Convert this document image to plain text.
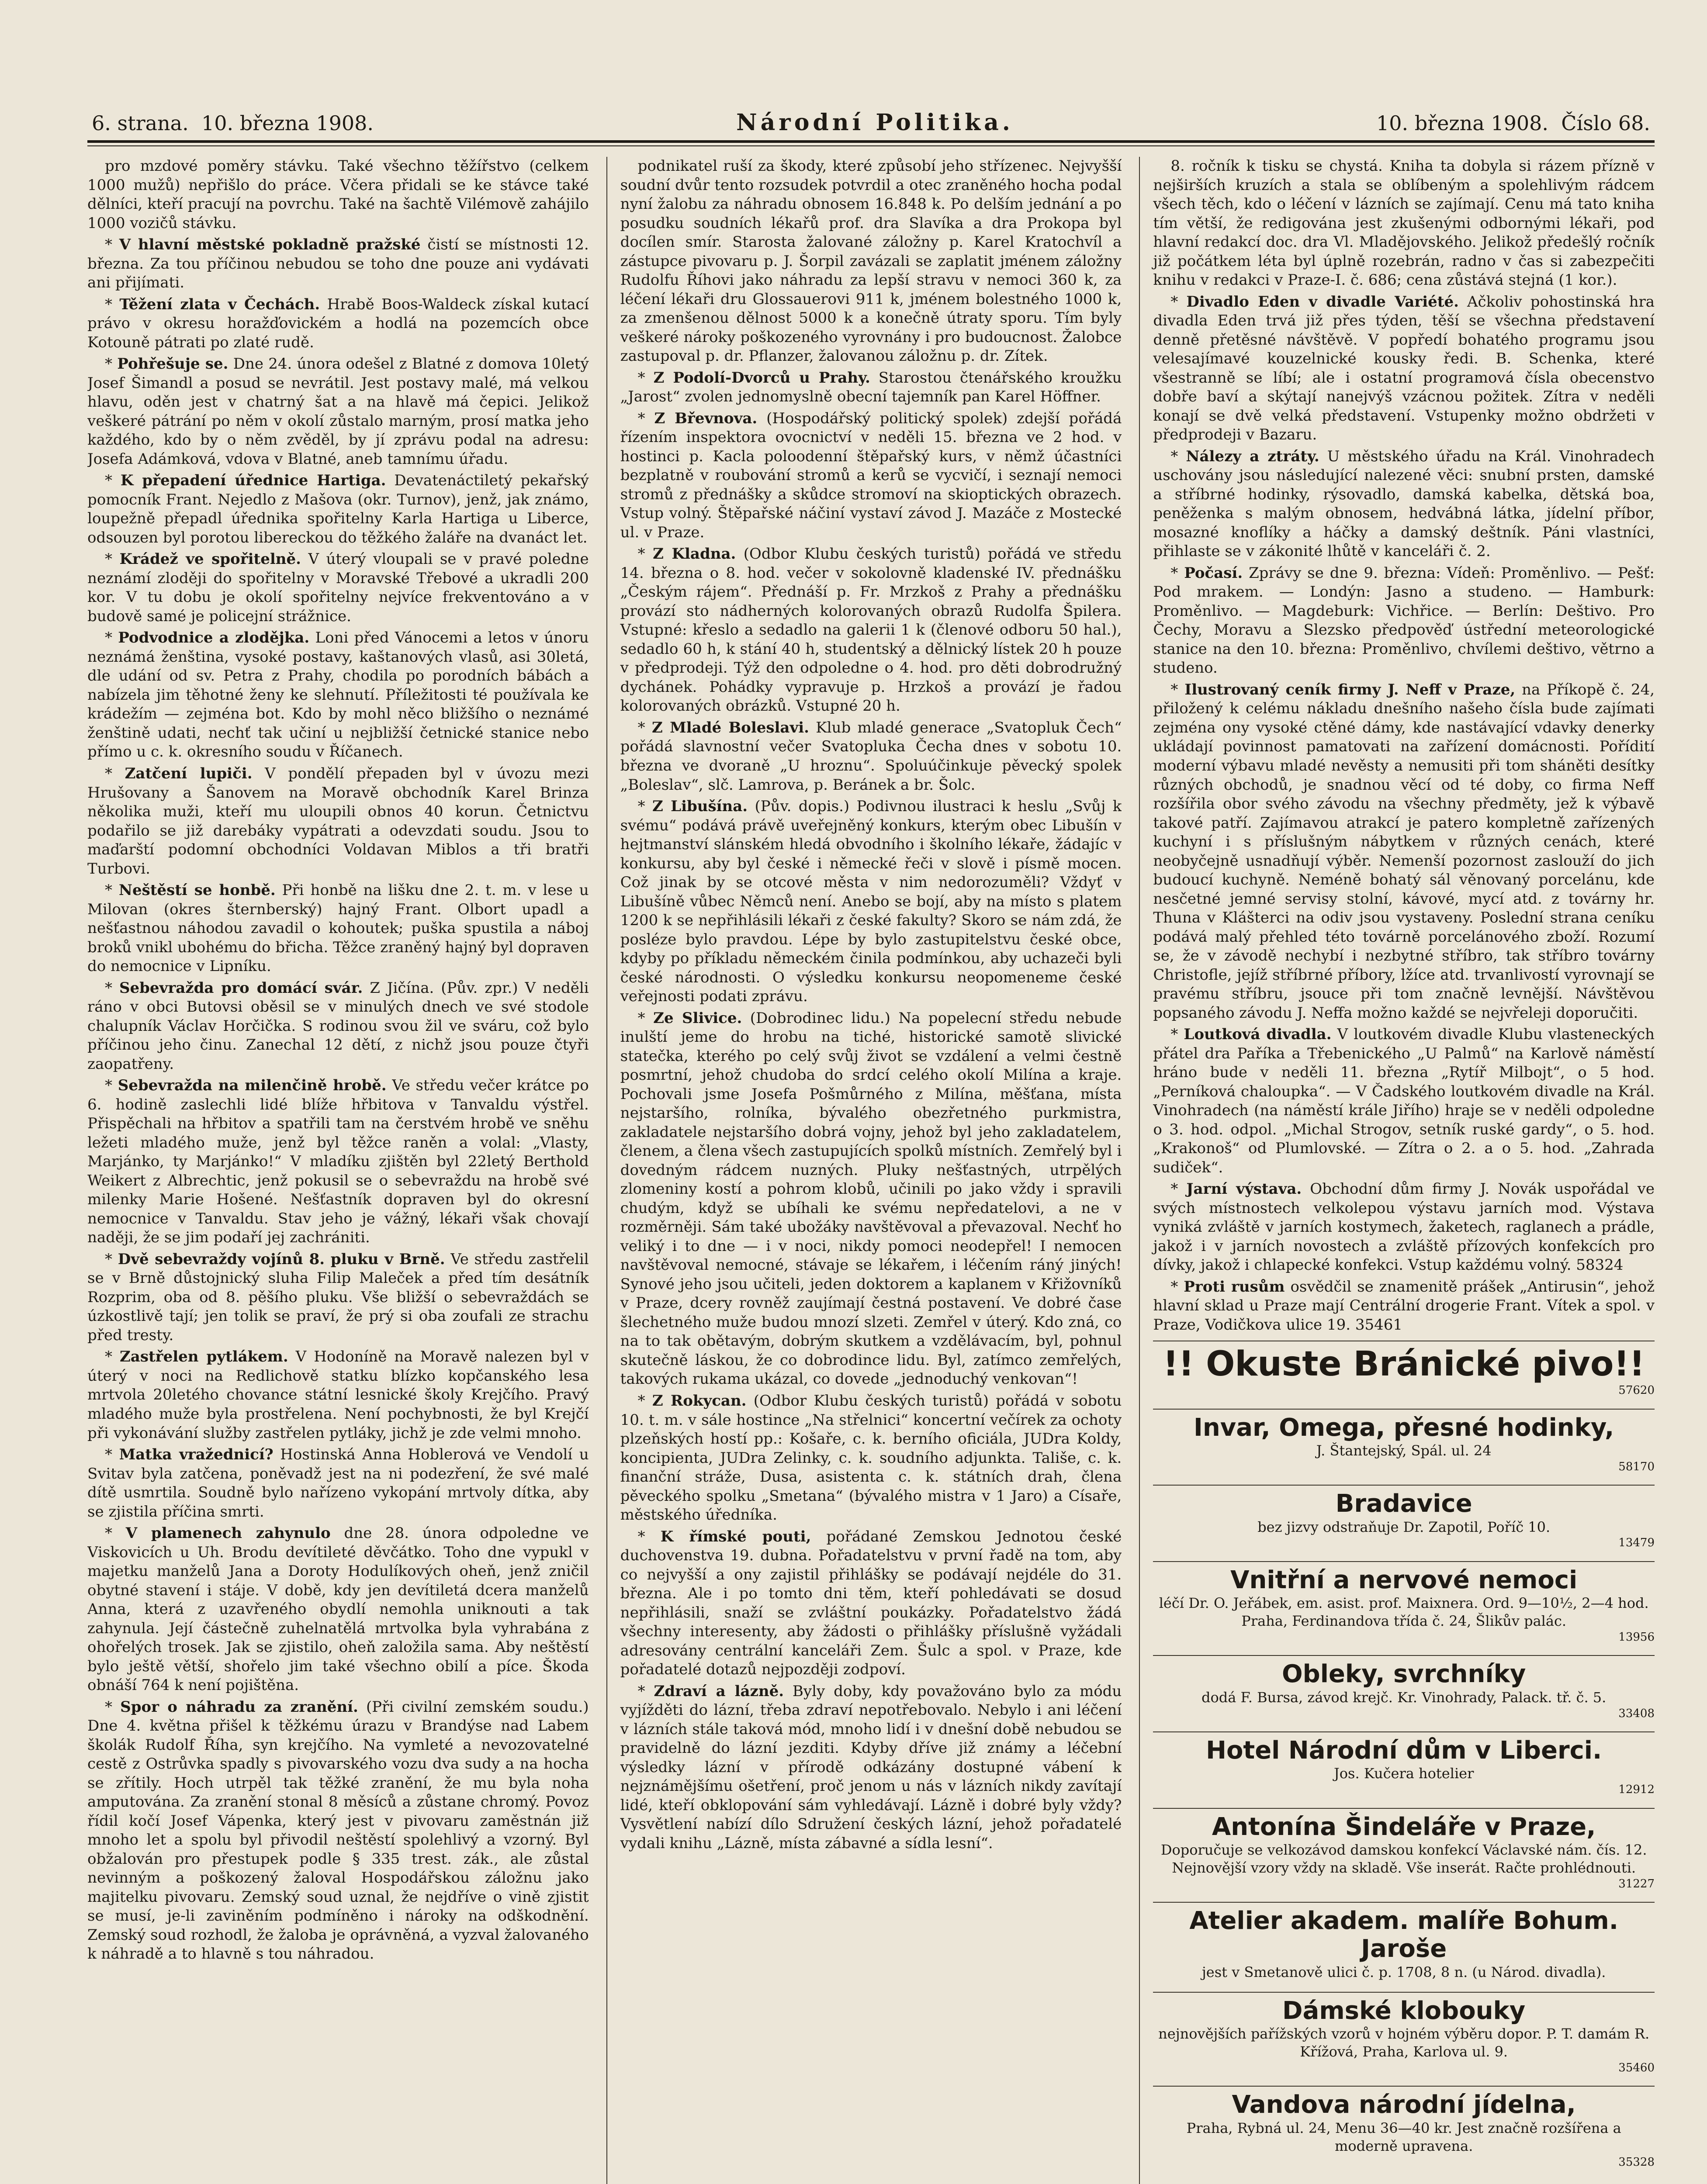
6. strana. 10. března 1908.	Národní Politika.	10. března 1908. Číslo 68.

pro mzdové poměry stávku. Také všechno těžířstvo (celkem 1000 mužů) nepřišlo do práce. Včera přidali se ke stávce také dělníci, kteří pracují na povrchu. Také na šachtě Vilémově zahájilo 1000 vozičů stávku.

* V hlavní městské pokladně pražské čistí se místnosti 12. března. Za tou příčinou nebudou se toho dne pouze ani vydávati ani přijímati.

* Těžení zlata v Čechách. Hrabě Boos-Waldeck získal kutací právo v okresu horažďovickém a hodlá na pozemcích obce Kotouně pátrati po zlaté rudě.

* Pohřešuje se. Dne 24. února odešel z Blatné z domova 10letý Josef Šimandl a posud se nevrátil. Jest postavy malé, má velkou hlavu, oděn jest v chatrný šat a na hlavě má čepici. Jelikož veškeré pátrání po něm v okolí zůstalo marným, prosí matka jeho každého, kdo by o něm zvěděl, by jí zprávu podal na adresu: Josefa Adámková, vdova v Blatné, aneb tamnímu úřadu.

* K přepadení úřednice Hartiga. Devatenáctiletý pekařský pomocník Frant. Nejedlo z Mašova (okr. Turnov), jenž, jak známo, loupežně přepadl úřednika spořitelny Karla Hartiga u Liberce, odsouzen byl porotou libereckou do těžkého žaláře na dvanáct let.

* Krádež ve spořitelně. V úterý vloupali se v pravé poledne neznámí zloději do spořitelny v Moravské Třebové a ukradli 200 kor. V tu dobu je okolí spořitelny nejvíce frekventováno a v budově samé je policejní strážnice.

* Podvodnice a zlodějka. Loni před Vánocemi a letos v únoru neznámá ženština, vysoké postavy, kaštanových vlasů, asi 30letá, dle udání od sv. Petra z Prahy, chodila po porodních bábách a nabízela jim těhotné ženy ke slehnutí. Příležitosti té používala ke krádežím — zejména bot. Kdo by mohl něco bližšího o neznámé ženštině udati, nechť tak učiní u nejbližší četnické stanice nebo přímo u c. k. okresního soudu v Říčanech.

* Zatčení lupiči. V pondělí přepaden byl v úvozu mezi Hrušovany a Šanovem na Moravě obchodník Karel Brinza několika muži, kteří mu uloupili obnos 40 korun. Četnictvu podařilo se již darebáky vypátrati a odevzdati soudu. Jsou to maďarští podomní obchodníci Voldavan Miblos a tři bratři Turbovi.

* Neštěstí se honbě. Při honbě na lišku dne 2. t. m. v lese u Milovan (okres šternberský) hajný Frant. Olbort upadl a nešťastnou náhodou zavadil o kohoutek; puška spustila a náboj broků vnikl ubohému do břicha. Těžce zraněný hajný byl dopraven do nemocnice v Lipníku.

* Sebevražda pro domácí svár. Z Jičína. (Pův. zpr.) V neděli ráno v obci Butovsi oběsil se v minulých dnech ve své stodole chalupník Václav Horčička. S rodinou svou žil ve sváru, což bylo příčinou jeho činu. Zanechal 12 dětí, z nichž jsou pouze čtyři zaopatřeny.

* Sebevražda na milenčině hrobě. Ve středu večer krátce po 6. hodině zaslechli lidé blíže hřbitova v Tanvaldu výstřel. Přispěchali na hřbitov a spatřili tam na čerstvém hrobě ve sněhu ležeti mladého muže, jenž byl těžce raněn a volal: „Vlasty, Marjánko, ty Marjánko!“ V mladíku zjištěn byl 22letý Berthold Weikert z Albrechtic, jenž pokusil se o sebevraždu na hrobě své milenky Marie Hošené. Nešťastník dopraven byl do okresní nemocnice v Tanvaldu. Stav jeho je vážný, lékaři však chovají naději, že se jim podaří jej zachrániti.

* Dvě sebevraždy vojínů 8. pluku v Brně. Ve středu zastřelil se v Brně důstojnický sluha Filip Maleček a před tím desátník Rozprim, oba od 8. pěšího pluku. Vše bližší o sebevraždách se úzkostlivě tají; jen tolik se praví, že prý si oba zoufali ze strachu před tresty.

* Zastřelen pytlákem. V Hodoníně na Moravě nalezen byl v úterý v noci na Redlichově statku blízko kopčanského lesa mrtvola 20letého chovance státní lesnické školy Krejčího. Pravý mladého muže byla prostřelena. Není pochybnosti, že byl Krejčí při vykonávání služby zastřelen pytláky, jichž je zde velmi mnoho.

* Matka vražednicí? Hostinská Anna Hoblerová ve Vendolí u Svitav byla zatčena, poněvadž jest na ni podezření, že své malé dítě usmrtila. Soudně bylo nařízeno vykopání mrtvoly dítka, aby se zjistila příčina smrti.

* V plamenech zahynulo dne 28. února odpoledne ve Viskovicích u Uh. Brodu devítileté děvčátko. Toho dne vypukl v majetku manželů Jana a Doroty Hodulíkových oheň, jenž zničil obytné stavení i stáje. V době, kdy jen devítiletá dcera manželů Anna, která z uzavřeného obydlí nemohla uniknouti a tak zahynula. Její částečně zuhelnatělá mrtvolka byla vyhrabána z ohořelých trosek. Jak se zjistilo, oheň založila sama. Aby neštěstí bylo ještě větší, shořelo jim také všechno obilí a píce. Škoda obnáší 764 k není pojištěna.

* Spor o náhradu za zranění. (Při civilní zemském soudu.) Dne 4. května přišel k těžkému úrazu v Brandýse nad Labem školák Rudolf Říha, syn krejčího. Na vymleté a nevozovatelné cestě z Ostrůvka spadly s pivovarského vozu dva sudy a na hocha se zřítily. Hoch utrpěl tak těžké zranění, že mu byla noha amputována. Za zranění stonal 8 měsíců a zůstane chromý. Povoz řídil kočí Josef Vápenka, který jest v pivovaru zaměstnán již mnoho let a spolu byl přivodil neštěstí spolehlivý a vzorný. Byl obžalován pro přestupek podle § 335 trest. zák., ale zůstal nevinným a poškozený žaloval Hospodářskou záložnu jako majitelku pivovaru. Zemský soud uznal, že nejdříve o vině zjistit se musí, je-li zaviněním podmíněno i nároky na odškodnění. Zemský soud rozhodl, že žaloba je oprávněná, a vyzval žalovaného k náhradě a to hlavně s tou náhradou.

podnikatel ruší za škody, které způsobí jeho střízenec. Nejvyšší soudní dvůr tento rozsudek potvrdil a otec zraněného hocha podal nyní žalobu za náhradu obnosem 16.848 k. Po delším jednání a po posudku soudních lékařů prof. dra Slavíka a dra Prokopa byl docílen smír. Starosta žalované záložny p. Karel Kratochvíl a zástupce pivovaru p. J. Šorpil zavázali se zaplatit jménem záložny Rudolfu Říhovi jako náhradu za lepší stravu v nemoci 360 k, za léčení lékaři dru Glossauerovi 911 k, jménem bolestného 1000 k, za zmenšenou dělnost 5000 k a konečně útraty sporu. Tím byly veškeré nároky poškozeného vyrovnány i pro budoucnost. Žalobce zastupoval p. dr. Pflanzer, žalovanou záložnu p. dr. Zítek.

* Z Podolí-Dvorců u Prahy. Starostou čtenářského kroužku „Jarost“ zvolen jednomyslně obecní tajemník pan Karel Höffner.

* Z Břevnova. (Hospodářský politický spolek) zdejší pořádá řízením inspektora ovocnictví v neděli 15. března ve 2 hod. v hostinci p. Kacla poloodenní štěpařský kurs, v němž účastníci bezplatně v roubování stromů a kerů se vycvičí, i seznají nemoci stromů z přednášky a skůdce stromoví na skioptických obrazech. Vstup volný. Štěpařské náčiní vystaví závod J. Mazáče z Mostecké ul. v Praze.

* Z Kladna. (Odbor Klubu českých turistů) pořádá ve středu 14. března o 8. hod. večer v sokolovně kladenské IV. přednášku „Českým rájem“. Přednáší p. Fr. Mrzkoš z Prahy a přednášku provází sto nádherných kolorovaných obrazů Rudolfa Špilera. Vstupné: křeslo a sedadlo na galerii 1 k (členové odboru 50 hal.), sedadlo 60 h, k stání 40 h, studentský a dělnický lístek 20 h pouze v předprodeji. Týž den odpoledne o 4. hod. pro děti dobrodružný dychánek. Pohádky vypravuje p. Hrzkoš a provází je řadou kolorovaných obrázků. Vstupné 20 h.

* Z Mladé Boleslavi. Klub mladé generace „Svatopluk Čech“ pořádá slavnostní večer Svatopluka Čecha dnes v sobotu 10. března ve dvoraně „U hroznu“. Spoluúčinkuje pěvecký spolek „Boleslav“, slč. Lamrova, p. Beránek a br. Šolc.

* Z Libušína. (Pův. dopis.) Podivnou ilustraci k heslu „Svůj k svému“ podává právě uveřejněný konkurs, kterým obec Libušín v hejtmanství slánském hledá obvodního i školního lékaře, žádajíc v konkursu, aby byl české i německé řeči v slově i písmě mocen. Což jinak by se otcové města v nim nedorozuměli? Vždyť v Libušíně vůbec Němců není. Anebo se bojí, aby na místo s platem 1200 k se nepřihlásili lékaři z české fakulty? Skoro se nám zdá, že posléze bylo pravdou. Lépe by bylo zastupitelstvu české obce, kdyby po příkladu německém činila podmínkou, aby uchazeči byli české národnosti. O výsledku konkursu neopomeneme české veřejnosti podati zprávu.

* Ze Slivice. (Dobrodinec lidu.) Na popelecní středu nebude inulští jeme do hrobu na tiché, historické samotě slivické statečka, kterého po celý svůj život se vzdálení a velmi čestně posmrtní, jehož chudoba do srdcí celého okolí Milína a kraje. Pochovali jsme Josefa Pošmůrného z Milína, měšťana, místa nejstaršího, rolníka, bývalého obezřetného purkmistra, zakladatele nejstaršího dobrá vojny, jehož byl jeho zakladatelem, členem, a člena všech zastupujících spolků místních. Zemřelý byl i dovedným rádcem nuzných. Pluky nešťastných, utrpělých zlomeniny kostí a pohrom klobů, učinili po jako vždy i spravili chudým, když se ubíhali ke svému nepředatelovi, a ne v rozměrněji. Sám také ubožáky navštěvoval a převazoval. Nechť ho veliký i to dne — i v noci, nikdy pomoci neodepřel! I nemocen navštěvoval nemocné, stávaje se lékařem, i léčením ráný jiných! Synové jeho jsou učiteli, jeden doktorem a kaplanem v Křižovníků v Praze, dcery rovněž zaujímají čestná postavení. Ve dobré čase šlechetného muže budou mnozí slzeti. Zemřel v úterý. Kdo zná, co na to tak obětavým, dobrým skutkem a vzdělávacím, byl, pohnul skutečně láskou, že co dobrodince lidu. Byl, zatímco zemřelých, takových rukama ukázal, co dovede „jednoduchý venkovan“!

* Z Rokycan. (Odbor Klubu českých turistů) pořádá v sobotu 10. t. m. v sále hostince „Na střelnici“ koncertní večírek za ochoty plzeňských hostí pp.: Košaře, c. k. berního oficiála, JUDra Koldy, koncipienta, JUDra Zelinky, c. k. soudního adjunkta. Tališe, c. k. finanční stráže, Dusa, asistenta c. k. státních drah, člena pěveckého spolku „Smetana“ (bývalého mistra v 1 Jaro) a Císaře, městského úředníka.

* K římské pouti, pořádané Zemskou Jednotou české duchovenstva 19. dubna. Pořadatelstvu v první řadě na tom, aby co nejvyšší a ony zajistil přihlášky se podávají nejdéle do 31. března. Ale i po tomto dni těm, kteří pohledávati se dosud nepřihlásili, snaží se zvláštní poukázky. Pořadatelstvo žádá všechny interesenty, aby žádosti o přihlášky příslušně vyžádali adresovány centrální kanceláři Zem. Šulc a spol. v Praze, kde pořadatelé dotazů nejpozději zodpoví.

* Zdraví a lázně. Byly doby, kdy považováno bylo za módu vyjížděti do lázní, třeba zdraví nepotřebovalo. Nebylo i ani léčení v lázních stále taková mód, mnoho lidí i v dnešní době nebudou se pravidelně do lázní jezditi. Kdyby dříve již známy a léčební výsledky lázní v přírodě odkázány dostupné vábení k nejznámějšímu ošetření, proč jenom u nás v lázních nikdy zavítají lidé, kteří obklopování sám vyhledávají. Lázně i dobré byly vždy? Vysvětlení nabízí dílo Sdružení českých lázní, jehož pořadatelé vydali knihu „Lázně, místa zábavné a sídla lesní“.

8. ročník k tisku se chystá. Kniha ta dobyla si rázem přízně v nejširších kruzích a stala se oblíbeným a spolehlivým rádcem všech těch, kdo o léčení v lázních se zajímají. Cenu má tato kniha tím větší, že redigována jest zkušenými odbornými lékaři, pod hlavní redakcí doc. dra Vl. Mladějovského. Jelikož předešlý ročník již počátkem léta byl úplně rozebrán, radno v čas si zabezpečiti knihu v redakci v Praze-I. č. 686; cena zůstává stejná (1 kor.).

* Divadlo Eden v divadle Variété. Ačkoliv pohostinská hra divadla Eden trvá již přes týden, těší se všechna představení denně přetěsné návštěvě. V popředí bohatého programu jsou velesajímavé kouzelnické kousky ředi. B. Schenka, které všestranně se líbí; ale i ostatní programová čísla obecenstvo dobře baví a skýtají nanejvýš vzácnou požitek. Zítra v neděli konají se dvě velká představení. Vstupenky možno obdržeti v předprodeji v Bazaru.

* Nálezy a ztráty. U městského úřadu na Král. Vinohradech uschovány jsou následující nalezené věci: snubní prsten, damské a stříbrné hodinky, rýsovadlo, damská kabelka, dětská boa, peněženka s malým obnosem, hedvábná látka, jídelní příbor, mosazné knoflíky a háčky a damský deštník. Páni vlastníci, přihlaste se v zákonité lhůtě v kanceláři č. 2.

* Počasí. Zprávy se dne 9. března: Vídeň: Proměnlivo. — Pešť: Pod mrakem. — Londýn: Jasno a studeno. — Hamburk: Proměnlivo. — Magdeburk: Vichřice. — Berlín: Deštivo. Pro Čechy, Moravu a Slezsko předpověď ústřední meteorologické stanice na den 10. března: Proměnlivo, chvílemi deštivo, větrno a studeno.

* Ilustrovaný ceník firmy J. Neff v Praze, na Příkopě č. 24, přiložený k celému nákladu dnešního našeho čísla bude zajímati zejména ony vysoké ctěné dámy, kde nastávající vdavky denerky ukládají povinnost pamatovati na zařízení domácnosti. Pořídití moderní výbavu mladé nevěsty a nemusiti při tom sháněti desítky různých obchodů, je snadnou věcí od té doby, co firma Neff rozšířila obor svého závodu na všechny předměty, jež k výbavě takové patří. Zajímavou atrakcí je patero kompletně zařízených kuchyní i s příslušným nábytkem v různých cenách, které neobyčejně usnadňují výběr. Nemenší pozornost zaslouží do jich budoucí kuchyně. Neméně bohatý sál věnovaný porcelánu, kde nesčetné jemné servisy stolní, kávové, mycí atd. z továrny hr. Thuna v Klášterci na odiv jsou vystaveny. Poslední strana ceníku podává malý přehled této továrně porcelánového zboží. Rozumí se, že v závodě nechybí i nezbytné stříbro, tak stříbro továrny Christofle, jejíž stříbrné příbory, lžíce atd. trvanlivostí vyrovnají se pravému stříbru, jsouce při tom značně levnější. Návštěvou popsaného závodu J. Neffa možno každé se nejvřeleji doporučiti.

* Loutková divadla. V loutkovém divadle Klubu vlasteneckých přátel dra Paříka a Třebenického „U Palmů“ na Karlově náměstí hráno bude v neděli 11. března „Rytíř Milbojt“, o 5 hod. „Perníková chaloupka“. — V Čadského loutkovém divadle na Král. Vinohradech (na náměstí krále Jiřího) hraje se v neděli odpoledne o 3. hod. odpol. „Michal Strogov, setník ruské gardy“, o 5. hod. „Krakonoš“ od Plumlovské. — Zítra o 2. a o 5. hod. „Zahrada sudiček“.

* Jarní výstava. Obchodní dům firmy J. Novák uspořádal ve svých místnostech velkolepou výstavu jarních mod. Výstava vyniká zvláště v jarních kostymech, žaketech, raglanech a prádle, jakož i v jarních novostech a zvláště přízových konfekcích pro dívky, jakož i chlapecké konfekci. Vstup každému volný. 58324

* Proti rusům osvědčil se znamenitě prášek „Antirusin“, jehož hlavní sklad u Praze mají Centrální drogerie Frant. Vítek a spol. v Praze, Vodičkova ulice 19. 35461

!! Okuste Bránické pivo!!
57620
Invar, Omega, přesné hodinky,
J. Štantejský, Spál. ul. 24
58170
Bradavice
bez jizvy odstraňuje Dr. Zapotil, Poříč 10.
13479
Vnitřní a nervové nemoci
léčí Dr. O. Jeřábek, em. asist. prof. Maixnera. Ord. 9—10½, 2—4 hod. Praha, Ferdinandova třída č. 24, Šlikův palác.
13956
Obleky, svrchníky
dodá F. Bursa, závod krejč. Kr. Vinohrady, Palack. tř. č. 5.
33408
Hotel Národní dům v Liberci.
Jos. Kučera hotelier
12912
Antonína Šindeláře v Praze,
Doporučuje se velkozávod damskou konfekcí Václavské nám. čís. 12. Nejnovější vzory vždy na skladě. Vše inserát. Račte prohlédnouti.
31227
Atelier akadem. malíře Bohum. Jaroše
jest v Smetanově ulici č. p. 1708, 8 n. (u Národ. divadla).
Dámské klobouky
nejnovějších pařížských vzorů v hojném výběru dopor. P. T. damám R. Křížová, Praha, Karlova ul. 9.
35460
Vandova národní jídelna,
Praha, Rybná ul. 24, Menu 36—40 kr. Jest značně rozšířena a moderně upravena.
35328
